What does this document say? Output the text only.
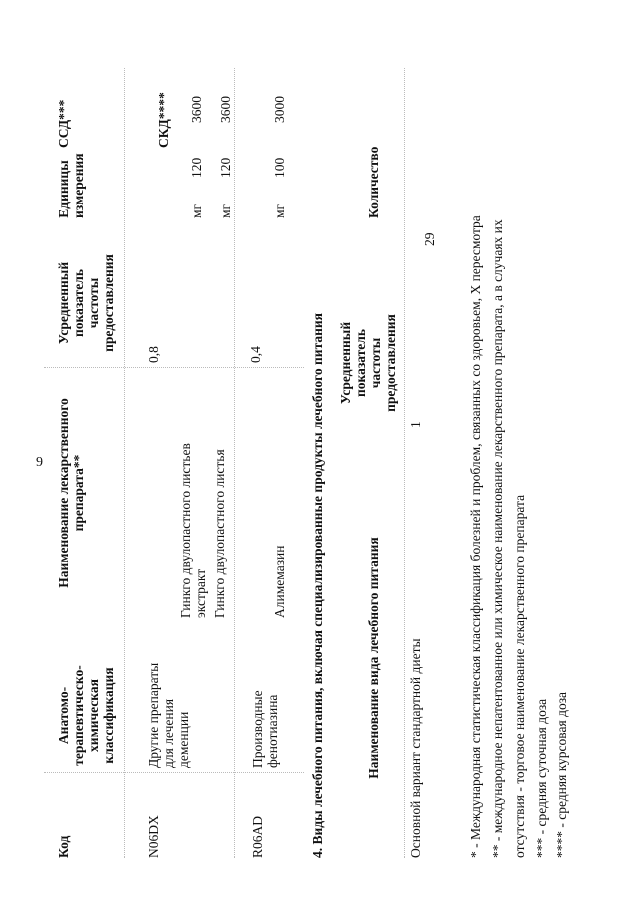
9
Код
Анатомо-терапевтическо-химическая классификация
Наименование лекарственного препарата**
Усредненный показатель частоты предоставления
Единицы измерения
ССД***	СКД****
N06DX
Другие препараты для лечения деменции
0,8
Гинкго двулопастного листьев экстракт
мг
120
3600
Гинкго двулопастного листья
мг
120
3600
R06AD
Производные фенотиазина
0,4
Алимемазин
мг
100
3000
4. Виды лечебного питания, включая специализированные продукты лечебного питания	Наименование вида лечебного питания
Усредненный показатель частоты предоставления
Количество
Основной вариант стандартной диеты
1
29 * - Международная статистическая классификация болезней и проблем, связанных со здоровьем, X пересмотра ** - международное непатентованное или химическое наименование лекарственного препарата, а в случаях их отсутствия - торговое наименование лекарственного препарата *** - средняя суточная доза **** - средняя курсовая доза
